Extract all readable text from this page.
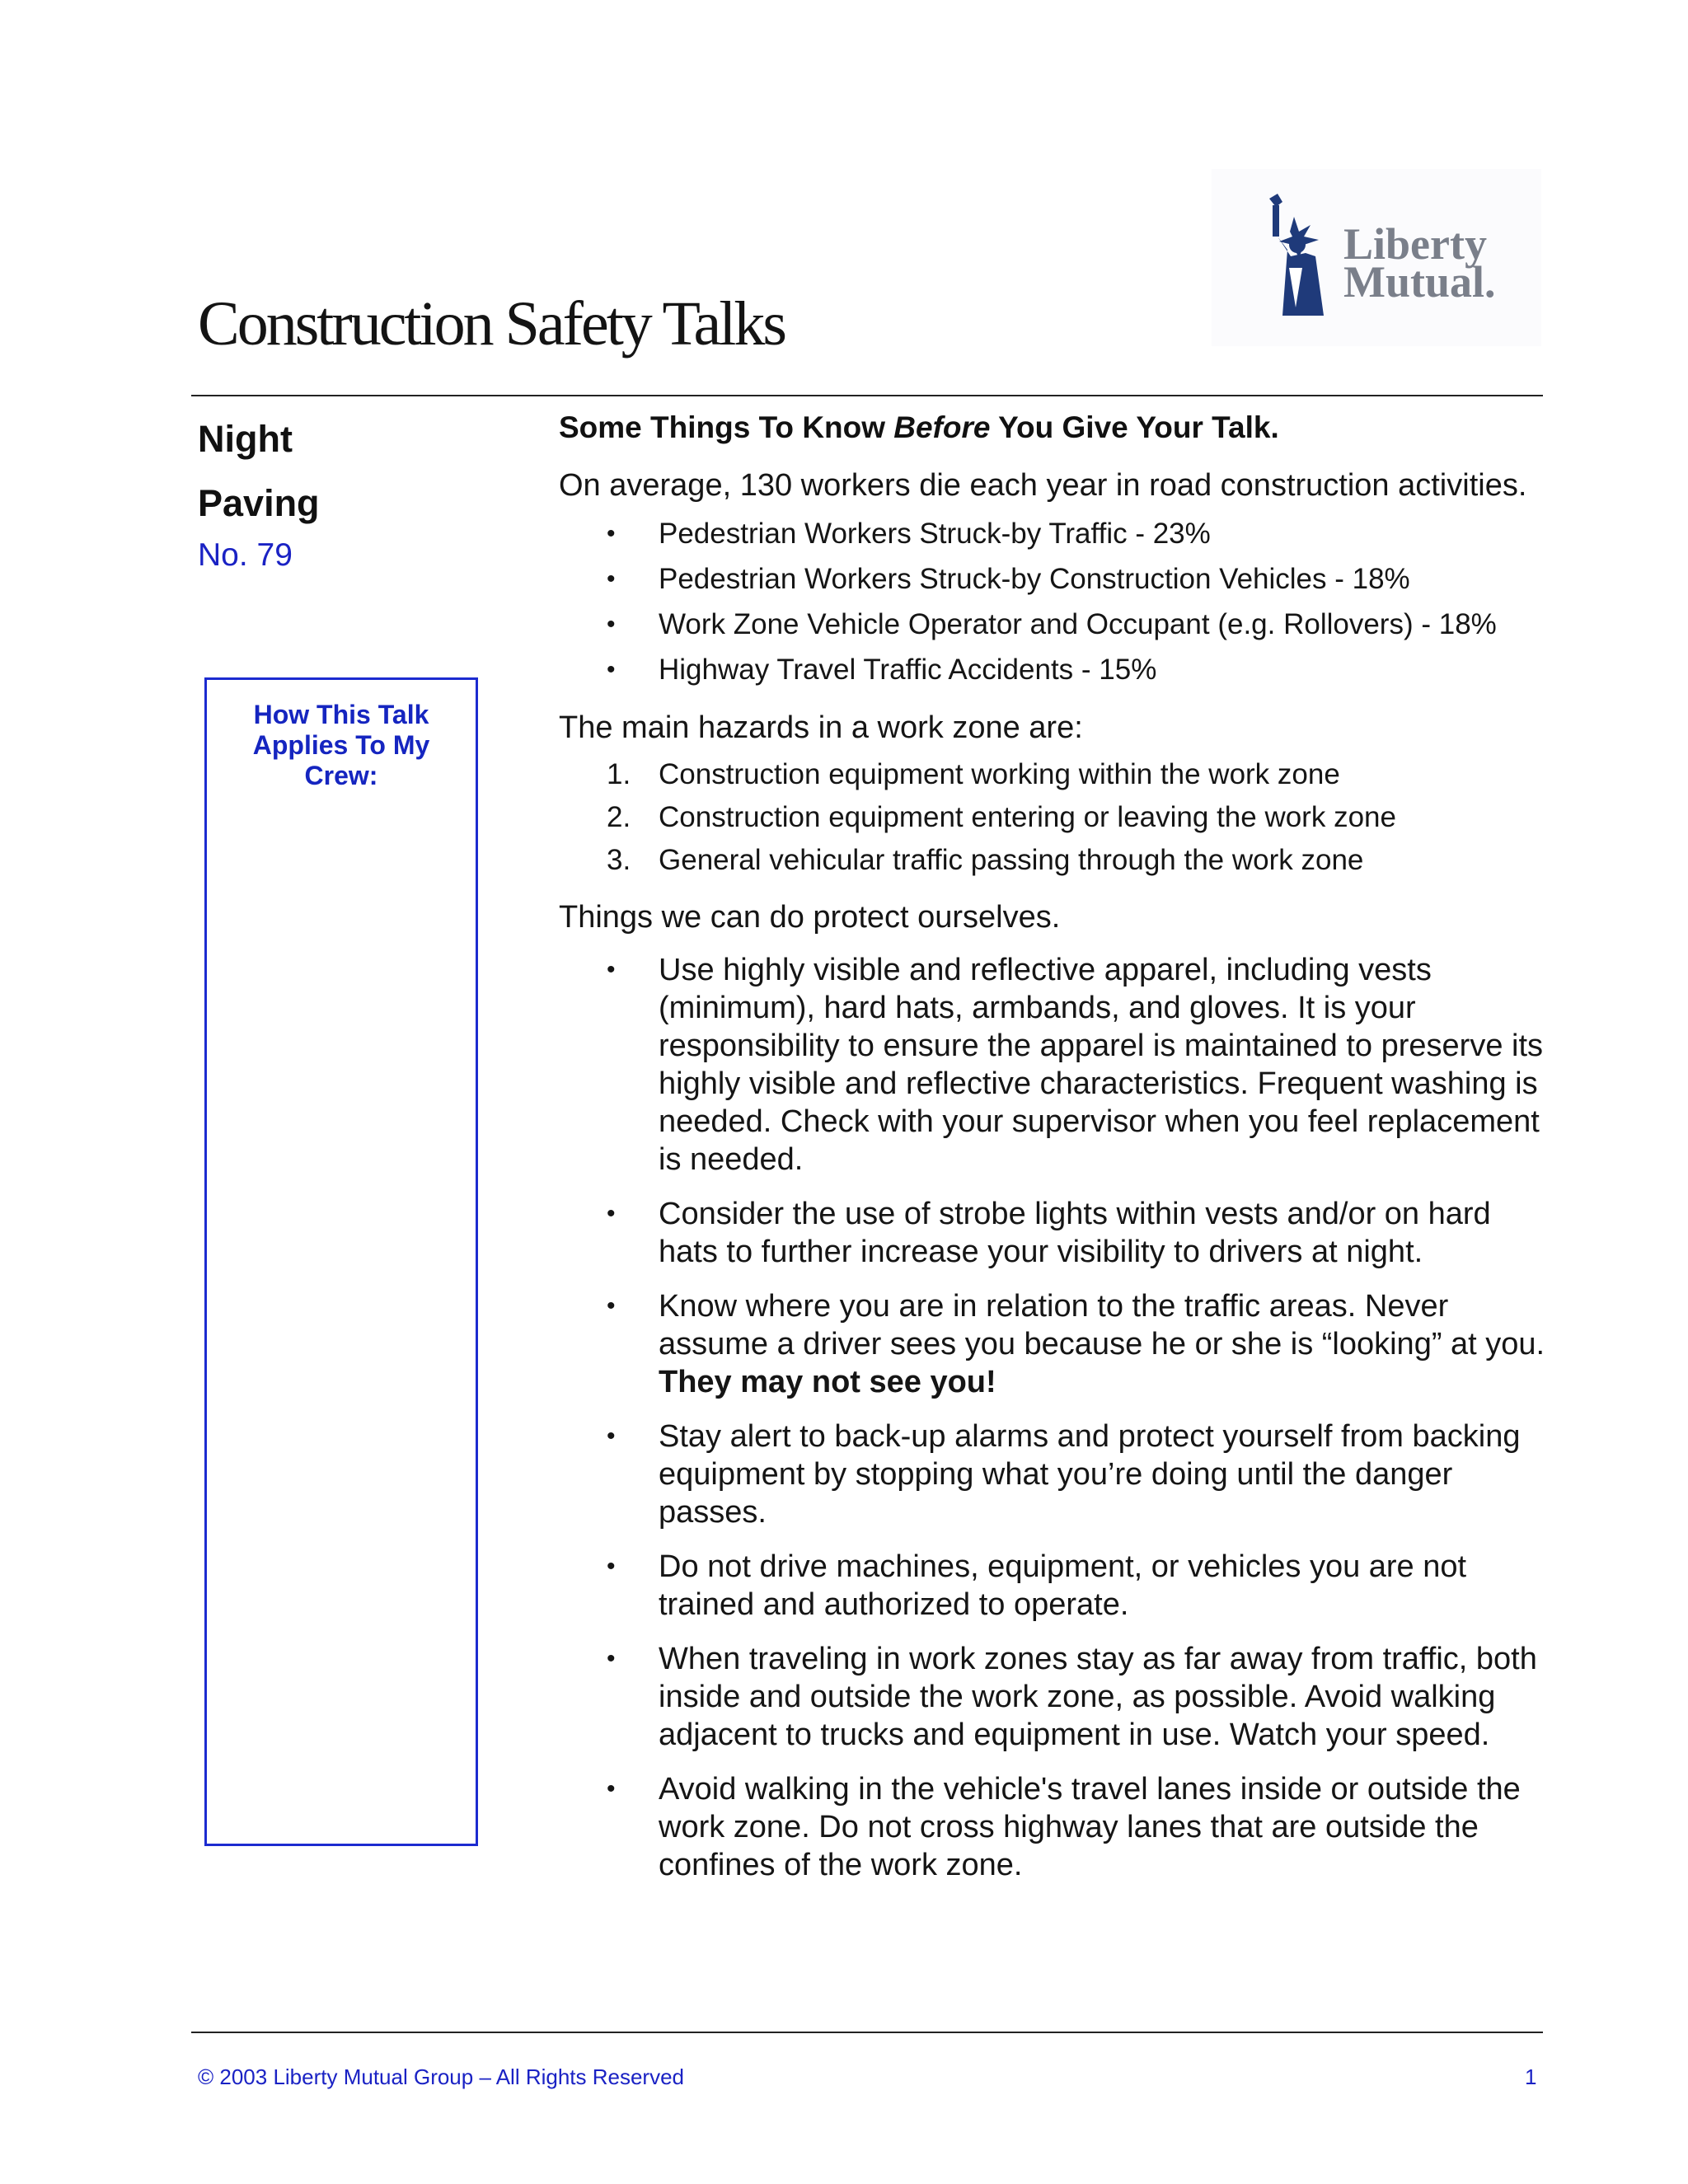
Liberty
Mutual.
Construction Safety Talks
Night
Paving
No. 79
How This Talk
Applies To My
Crew:
Some Things To Know Before You Give Your Talk.

On average, 130 workers die each year in road construction activities.

• Pedestrian Workers Struck-by Traffic - 23%
• Pedestrian Workers Struck-by Construction Vehicles - 18%
• Work Zone Vehicle Operator and Occupant (e.g. Rollovers) - 18%
• Highway Travel Traffic Accidents - 15%

The main hazards in a work zone are:

1. Construction equipment working within the work zone
2. Construction equipment entering or leaving the work zone
3. General vehicular traffic passing through the work zone

Things we can do protect ourselves.

• Use highly visible and reflective apparel, including vests (minimum), hard hats, armbands, and gloves. It is your responsibility to ensure the apparel is maintained to preserve its highly visible and reflective characteristics. Frequent washing is needed. Check with your supervisor when you feel replacement is needed.
• Consider the use of strobe lights within vests and/or on hard hats to further increase your visibility to drivers at night.
• Know where you are in relation to the traffic areas. Never assume a driver sees you because he or she is “looking” at you. They may not see you!
• Stay alert to back-up alarms and protect yourself from backing equipment by stopping what you’re doing until the danger passes.
• Do not drive machines, equipment, or vehicles you are not trained and authorized to operate.
• When traveling in work zones stay as far away from traffic, both inside and outside the work zone, as possible. Avoid walking adjacent to trucks and equipment in use. Watch your speed.
• Avoid walking in the vehicle's travel lanes inside or outside the work zone. Do not cross highway lanes that are outside the confines of the work zone.
© 2003 Liberty Mutual Group – All Rights Reserved	1
